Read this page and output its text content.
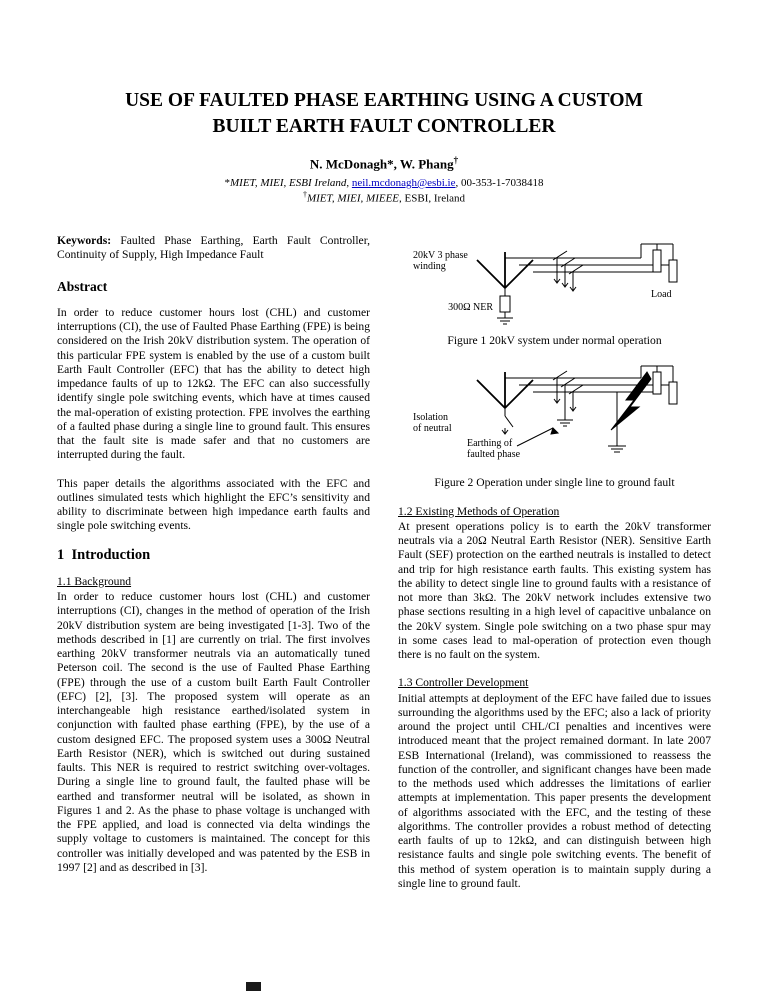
USE OF FAULTED PHASE EARTHING USING A CUSTOM
BUILT EARTH FAULT CONTROLLER
N. McDonagh*, W. Phang†
*MIET, MIEI, ESBI Ireland, neil.mcdonagh@esbi.ie, 00-353-1-7038418
†MIET, MIEI, MIEEE, ESBI, Ireland

Keywords: Faulted Phase Earthing, Earth Fault Controller, Continuity of Supply, High Impedance Fault

Abstract

In order to reduce customer hours lost (CHL) and customer interruptions (CI), the use of Faulted Phase Earthing (FPE) is being considered on the Irish 20kV distribution system. The operation of this particular FPE system is enabled by the use of a custom built Earth Fault Controller (EFC) that has the ability to detect high impedance faults of up to 12kΩ. The EFC can also successfully identify single pole switching events, which have at times caused the mal-operation of existing protection. FPE involves the earthing of a faulted phase during a single line to ground fault. This ensures that the fault site is made safer and that no customers are interrupted during the fault.

This paper details the algorithms associated with the EFC and outlines simulated tests which highlight the EFC’s sensitivity and ability to discriminate between high impedance earth faults and single pole switching events.

1  Introduction
1.1 Background

In order to reduce customer hours lost (CHL) and customer interruptions (CI), changes in the method of operation of the Irish 20kV distribution system are being investigated [1-3]. Two of the methods described in [1] are currently on trial. The first involves earthing 20kV transformer neutrals via an automatically tuned Peterson coil. The second is the use of Faulted Phase Earthing (FPE) through the use of a custom built Earth Fault Controller (EFC) [2], [3]. The proposed system will operate as an interchangeable high resistance earthed/isolated system in conjunction with faulted phase earthing (FPE), by the use of a custom designed EFC. The proposed system uses a 300Ω Neutral Earth Resistor (NER), which is switched out during sustained faults. This NER is required to restrict switching over-voltages. During a single line to ground fault, the faulted phase will be earthed and transformer neutral will be isolated, as shown in Figures 1 and 2. As the phase to phase voltage is unchanged with the FPE applied, and load is connected via delta windings the supply voltage to customers is maintained. The concept for this controller was initially developed and was patented by the ESB in 1997 [2] and as described in [3].

20kV 3 phase
winding
300Ω NER
Load
Figure 1 20kV system under normal operation
Isolation
of neutral
Earthing of
faulted phase
Figure 2 Operation under single line to ground fault
1.2 Existing Methods of Operation

At present operations policy is to earth the 20kV transformer neutrals via a 20Ω Neutral Earth Resistor (NER). Sensitive Earth Fault (SEF) protection on the earthed neutrals is installed to detect and trip for high resistance earth faults. This existing system has the ability to detect single line to ground faults with a resistance of not more than 3kΩ. The 20kV network includes extensive two phase sections resulting in a high level of capacitive unbalance on the 20kV system. Single pole switching on a two phase spur may in some cases lead to mal-operation of protection even though there is no fault on the system.

1.3 Controller Development

Initial attempts at deployment of the EFC have failed due to issues surrounding the algorithms used by the EFC; also a lack of priority around the project until CHL/CI penalties and incentives were introduced meant that the project remained dormant. In late 2007 ESB International (Ireland), was commissioned to reassess the function of the controller, and significant changes have been made to the methods used which addresses the limitations of earlier attempts at implementation. This paper presents the development of algorithms associated with the EFC, and the testing of these algorithms. The controller provides a robust method of detecting earth faults of up to 12kΩ, and can distinguish between high resistance faults and single pole switching events. The benefit of this method of system operation is to maintain supply during a single line to ground fault.
